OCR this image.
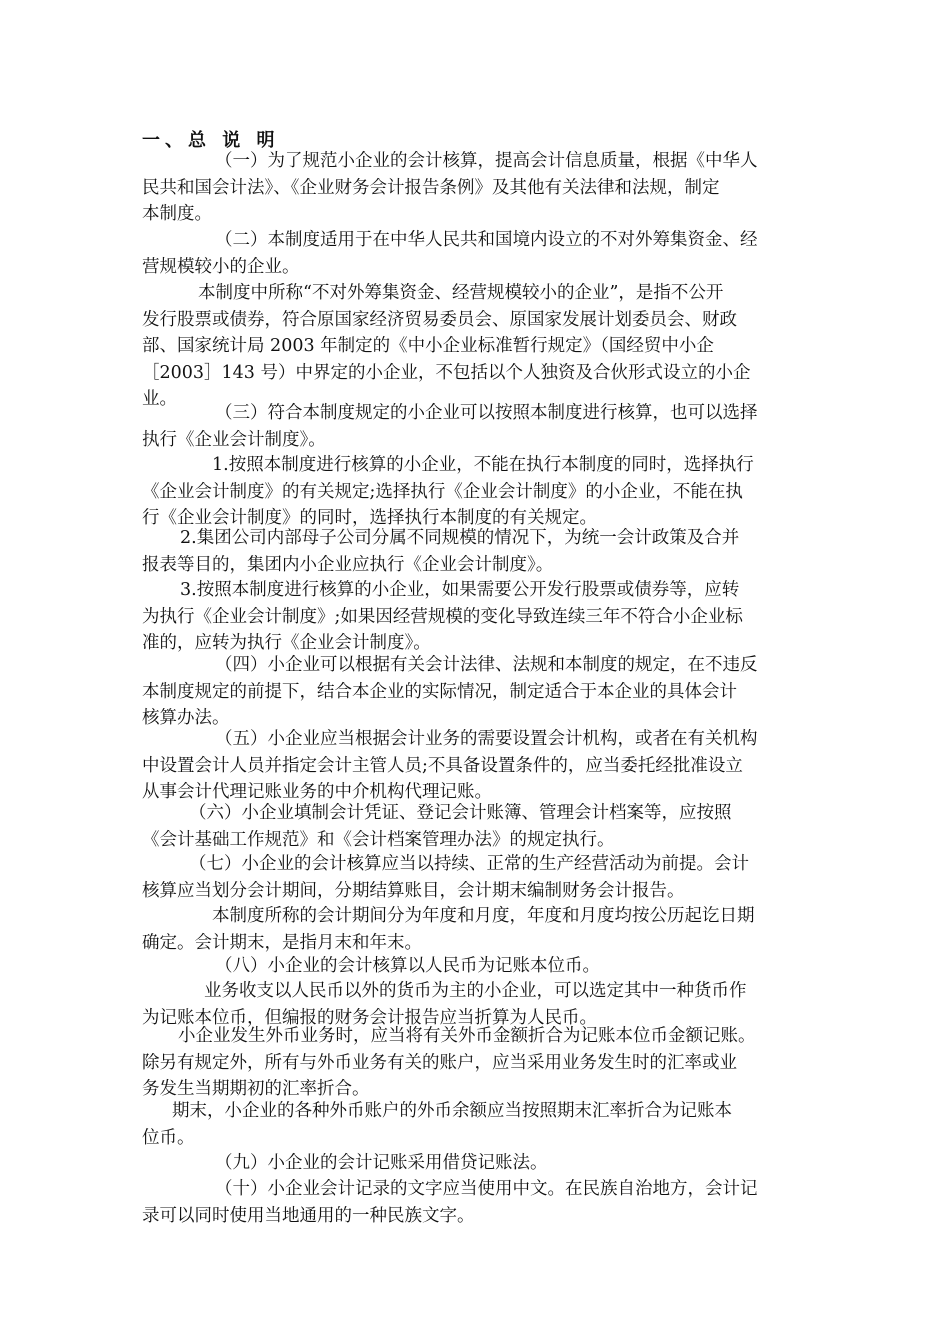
一、总 说 明
（一）为了规范小企业的会计核算，提高会计信息质量，根据《中华人
民共和国会计法》、《企业财务会计报告条例》及其他有关法律和法规，制定
本制度。
（二）本制度适用于在中华人民共和国境内设立的不对外筹集资金、经
营规模较小的企业。
本制度中所称“不对外筹集资金、经营规模较小的企业”，是指不公开
发行股票或债券，符合原国家经济贸易委员会、原国家发展计划委员会、财政
部、国家统计局 2003 年制定的《中小企业标准暂行规定》（国经贸中小企
［2003］143 号）中界定的小企业，不包括以个人独资及合伙形式设立的小企
业。
（三）符合本制度规定的小企业可以按照本制度进行核算，也可以选择
执行《企业会计制度》。
1.按照本制度进行核算的小企业，不能在执行本制度的同时，选择执行
《企业会计制度》的有关规定;选择执行《企业会计制度》的小企业，不能在执
行《企业会计制度》的同时，选择执行本制度的有关规定。
2.集团公司内部母子公司分属不同规模的情况下，为统一会计政策及合并
报表等目的，集团内小企业应执行《企业会计制度》。
3.按照本制度进行核算的小企业，如果需要公开发行股票或债券等，应转
为执行《企业会计制度》;如果因经营规模的变化导致连续三年不符合小企业标
准的，应转为执行《企业会计制度》。
（四）小企业可以根据有关会计法律、法规和本制度的规定，在不违反
本制度规定的前提下，结合本企业的实际情况，制定适合于本企业的具体会计
核算办法。
（五）小企业应当根据会计业务的需要设置会计机构，或者在有关机构
中设置会计人员并指定会计主管人员;不具备设置条件的，应当委托经批准设立
从事会计代理记账业务的中介机构代理记账。
（六）小企业填制会计凭证、登记会计账簿、管理会计档案等，应按照
《会计基础工作规范》和《会计档案管理办法》的规定执行。
（七）小企业的会计核算应当以持续、正常的生产经营活动为前提。会计
核算应当划分会计期间，分期结算账目，会计期末编制财务会计报告。
本制度所称的会计期间分为年度和月度，年度和月度均按公历起讫日期
确定。会计期末，是指月末和年末。
（八）小企业的会计核算以人民币为记账本位币。
业务收支以人民币以外的货币为主的小企业，可以选定其中一种货币作
为记账本位币，但编报的财务会计报告应当折算为人民币。
小企业发生外币业务时，应当将有关外币金额折合为记账本位币金额记账。
除另有规定外，所有与外币业务有关的账户，应当采用业务发生时的汇率或业
务发生当期期初的汇率折合。
期末，小企业的各种外币账户的外币余额应当按照期末汇率折合为记账本
位币。
（九）小企业的会计记账采用借贷记账法。
（十）小企业会计记录的文字应当使用中文。在民族自治地方，会计记
录可以同时使用当地通用的一种民族文字。
